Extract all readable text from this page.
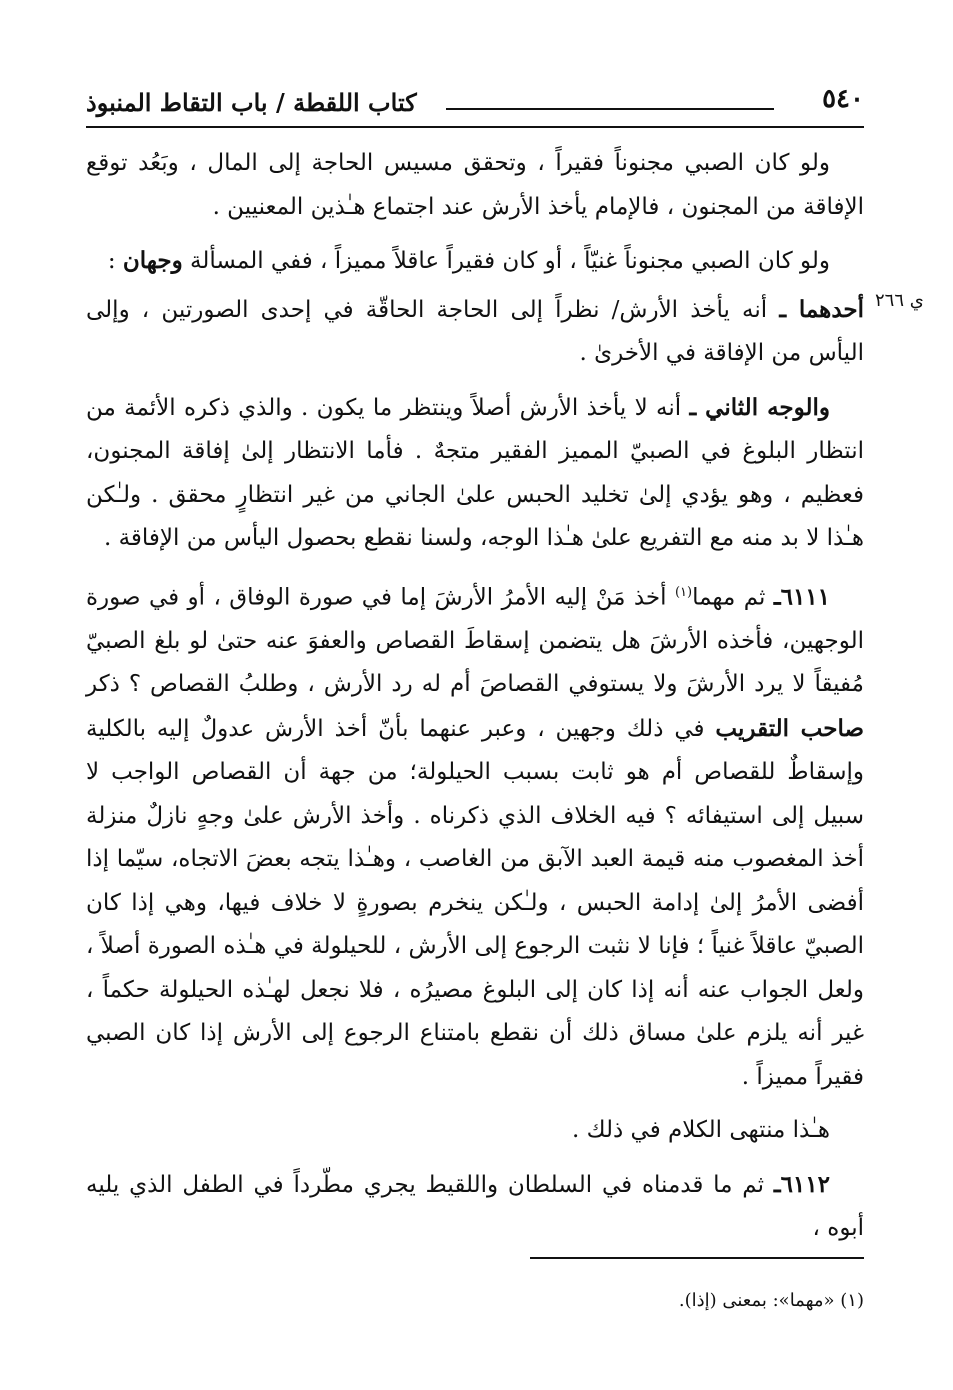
٥٤٠
كتاب اللقطة / باب التقاط المنبوذ
ي ٢٦٦

ولو كان الصبي مجنوناً فقيراً ، وتحقق مسيس الحاجة إلى المال ، وبَعُد توقع الإفاقة من المجنون ، فالإمام يأخذ الأرش عند اجتماع هـٰذين المعنيين .

ولو كان الصبي مجنوناً غنيّاً ، أو كان فقيراً عاقلاً مميزاً ، ففي المسألة وجهان :

أحدهما ـ أنه يأخذ الأرش/ نظراً إلى الحاجة الحاقّة في إحدى الصورتين ، وإلى اليأس من الإفاقة في الأخرىٰ .

والوجه الثاني ـ أنه لا يأخذ الأرش أصلاً وينتظر ما يكون . والذي ذكره الأئمة من انتظار البلوغ في الصبيّ المميز الفقير متجهٌ . فأما الانتظار إلىٰ إفاقة المجنون، فعظيم ، وهو يؤدي إلىٰ تخليد الحبس علىٰ الجاني من غير انتظارٍ محقق . ولـٰكن هـٰذا لا بد منه مع التفريع علىٰ هـٰذا الوجه، ولسنا نقطع بحصول اليأس من الإفاقة .

٦١١١ـ ثم مهما$^{(١)}$ أخذ مَنْ إليه الأمرُ الأرشَ إما في صورة الوفاق ، أو في صورة الوجهين، فأخذه الأرشَ هل يتضمن إسقاطَ القصاص والعفوَ عنه حتىٰ لو بلغ الصبيّ مُفيقاً لا يرد الأرشَ ولا يستوفي القصاصَ أم له رد الأرش ، وطلبُ القصاص ؟ ذكر صاحب التقريب في ذلك وجهين ، وعبر عنهما بأنّ أخذ الأرش عدولٌ إليه بالكلية وإسقاطٌ للقصاص أم هو ثابت بسبب الحيلولة؛ من جهة أن القصاص الواجب لا سبيل إلى استيفائه ؟ فيه الخلاف الذي ذكرناه . وأخذ الأرش علىٰ وجهٍ نازلٌ منزلة أخذ المغصوب منه قيمة العبد الآبق من الغاصب ، وهـٰذا يتجه بعضَ الاتجاه، سيّما إذا أفضى الأمرُ إلىٰ إدامة الحبس ، ولـٰكن ينخرم بصورةٍ لا خلاف فيها، وهي إذا كان الصبيّ عاقلاً غنياً ؛ فإنا لا نثبت الرجوع إلى الأرش ، للحيلولة في هـٰذه الصورة أصلاً ، ولعل الجواب عنه أنه إذا كان إلى البلوغ مصيرُه ، فلا نجعل لهـٰذه الحيلولة حكماً ، غير أنه يلزم علىٰ مساق ذلك أن نقطع بامتناع الرجوع إلى الأرش إذا كان الصبي فقيراً مميزاً .

هـٰذا منتهى الكلام في ذلك .

٦١١٢ـ ثم ما قدمناه في السلطان واللقيط يجري مطّرداً في الطفل الذي يليه أبوه ،

(١) «مهما»: بمعنى (إذا).
